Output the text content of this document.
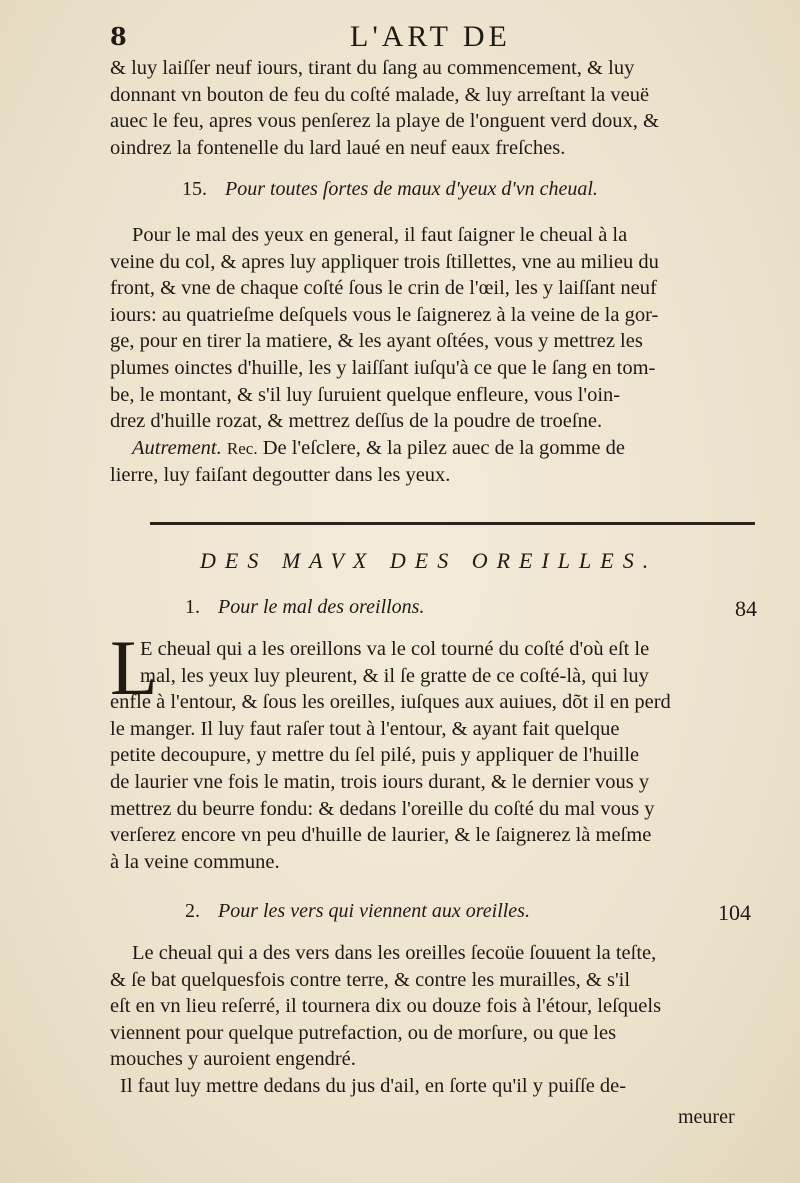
8	L'ART DE
& luy laiſſer neuf iours, tirant du ſang au commencement, & luy
donnant vn bouton de feu du coſté malade, & luy arreſtant la veuë
auec le feu, apres vous penſerez la playe de l'onguent verd doux, &
oindrez la fontenelle du lard laué en neuf eaux freſches.
15. Pour toutes ſortes de maux d'yeux d'vn cheual.
Pour le mal des yeux en general, il faut ſaigner le cheual à la
veine du col, & apres luy appliquer trois ſtillettes, vne au milieu du
front, & vne de chaque coſté ſous le crin de l'œil, les y laiſſant neuf
iours: au quatrieſme deſquels vous le ſaignerez à la veine de la gor-
ge, pour en tirer la matiere, & les ayant oſtées, vous y mettrez les
plumes oinctes d'huille, les y laiſſant iuſqu'à ce que le ſang en tom-
be, le montant, & s'il luy ſuruient quelque enfleure, vous l'oin-
drez d'huille rozat, & mettrez deſſus de la poudre de troeſne.
Autrement. Rec. De l'eſclere, & la pilez auec de la gomme de
lierre, luy faiſant degoutter dans les yeux.
DES MAVX DES OREILLES.
1. Pour le mal des oreillons.	84
L
E cheual qui a les oreillons va le col tourné du coſté d'où eſt le
mal, les yeux luy pleurent, & il ſe gratte de ce coſté-là, qui luy
enfle à l'entour, & ſous les oreilles, iuſques aux auiues, dõt il en perd
le manger. Il luy faut raſer tout à l'entour, & ayant fait quelque
petite decoupure, y mettre du ſel pilé, puis y appliquer de l'huille
de laurier vne fois le matin, trois iours durant, & le dernier vous y
mettrez du beurre fondu: & dedans l'oreille du coſté du mal vous y
verſerez encore vn peu d'huille de laurier, & le ſaignerez là meſme
à la veine commune.
2. Pour les vers qui viennent aux oreilles.	104
Le cheual qui a des vers dans les oreilles ſecoüe ſouuent la teſte,
& ſe bat quelquesfois contre terre, & contre les murailles, & s'il
eſt en vn lieu reſerré, il tournera dix ou douze fois à l'étour, leſquels
viennent pour quelque putrefaction, ou de morſure, ou que les
mouches y auroient engendré.
Il faut luy mettre dedans du jus d'ail, en ſorte qu'il y puiſſe de-
meurer
